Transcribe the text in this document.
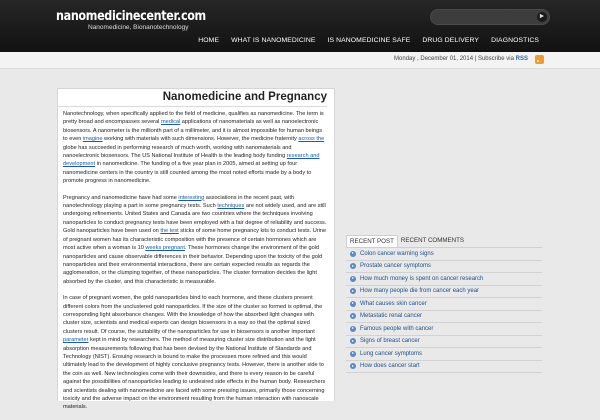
nanomedicinecenter.com
Nanomedicine, Bionanotechnology
►
HOME	WHAT IS NANOMEDICINE	IS NANOMEDICINE SAFE	DRUG DELIVERY	DIAGNOSTICS
Monday , December 01, 2014 | Subscribe via RSS
Nanomedicine and Pregnancy

Nanotechnology, when specifically applied to the field of medicine, qualifies as nanomedicine. The term is pretty broad and encompasses several medical applications of nanomaterials as well as nanoelectronic biosensors. A nanometer is the millionth part of a millimeter, and it is almost impossible for human beings to even imagine working with materials with such dimensions. However, the medicine fraternity across the globe has succeeded in performing research of much worth, working with nanomaterials and nanoelectronic biosensors. The US National Institute of Health is the leading body funding research and development in nanomedicine. The funding of a five year plan in 2005, aimed at setting up four nanomedicine centers in the country is still counted among the most noted efforts made by a body to promote progress in nanomedicine.

Pregnancy and nanomedicine have had some interesting associations in the recent past, with nanotechnology playing a part in some pregnancy tests. Such techniques are not widely used, and are still undergoing refinements. United States and Canada are two countries where the techniques involving nanoparticles to conduct pregnancy tests have been employed with a fair degree of reliability and success. Gold nanoparticles have been used on the test sticks of some home pregnancy kits to conduct tests. Urine of pregnant women has its characteristic composition with the presence of certain hormones which are most active when a woman is 10 weeks pregnant. These hormones change the environment of the gold nanoparticles and cause observable differences in their behavior. Depending upon the toxicity of the gold nanoparticles and their environmental interactions, there are certain expected results as regards the agglomeration, or the clumping together, of these nanoparticles. The cluster formation decides the light absorbed by the cluster, and this characteristic is measurable.

In case of pregnant women, the gold nanoparticles bind to each hormone, and these clusters present different colors from the unclustered gold nanoparticles. If the size of the cluster so formed is optimal, the corresponding light absorbance changes. With the knowledge of how the absorbed light changes with cluster size, scientists and medical experts can design biosensors in a way so that the optimal sized clusters result. Of course, the suitability of the nanoparticles for use in biosensors is another important parameter kept in mind by researchers. The method of measuring cluster size distribution and the light absorption measurements following that has been devised by the National Institute of Standards and Technology (NIST). Ensuing research is bound to make the processes more refined and this would ultimately lead to the development of highly conclusive pregnancy tests. However, there is another side to the coin as well. New technologies come with their downsides, and there is every reason to be careful against the possibilities of nanoparticles leading to undesired side effects in the human body. Researchers and scientists dealing with nanomedicine are faced with some pressing issues, primarily those concerning toxicity and the adverse impact on the environment resulting from the human interaction with nanoscale materials.

RECENT POST	RECENT COMMENTS
Colon cancer warning signs
Prostate cancer symptoms
How much money is spent on cancer research
How many people die from cancer each year
What causes skin cancer
Metastatic renal cancer
Famous people with cancer
Signs of breast cancer
Lung cancer symptoms
How does cancer start
